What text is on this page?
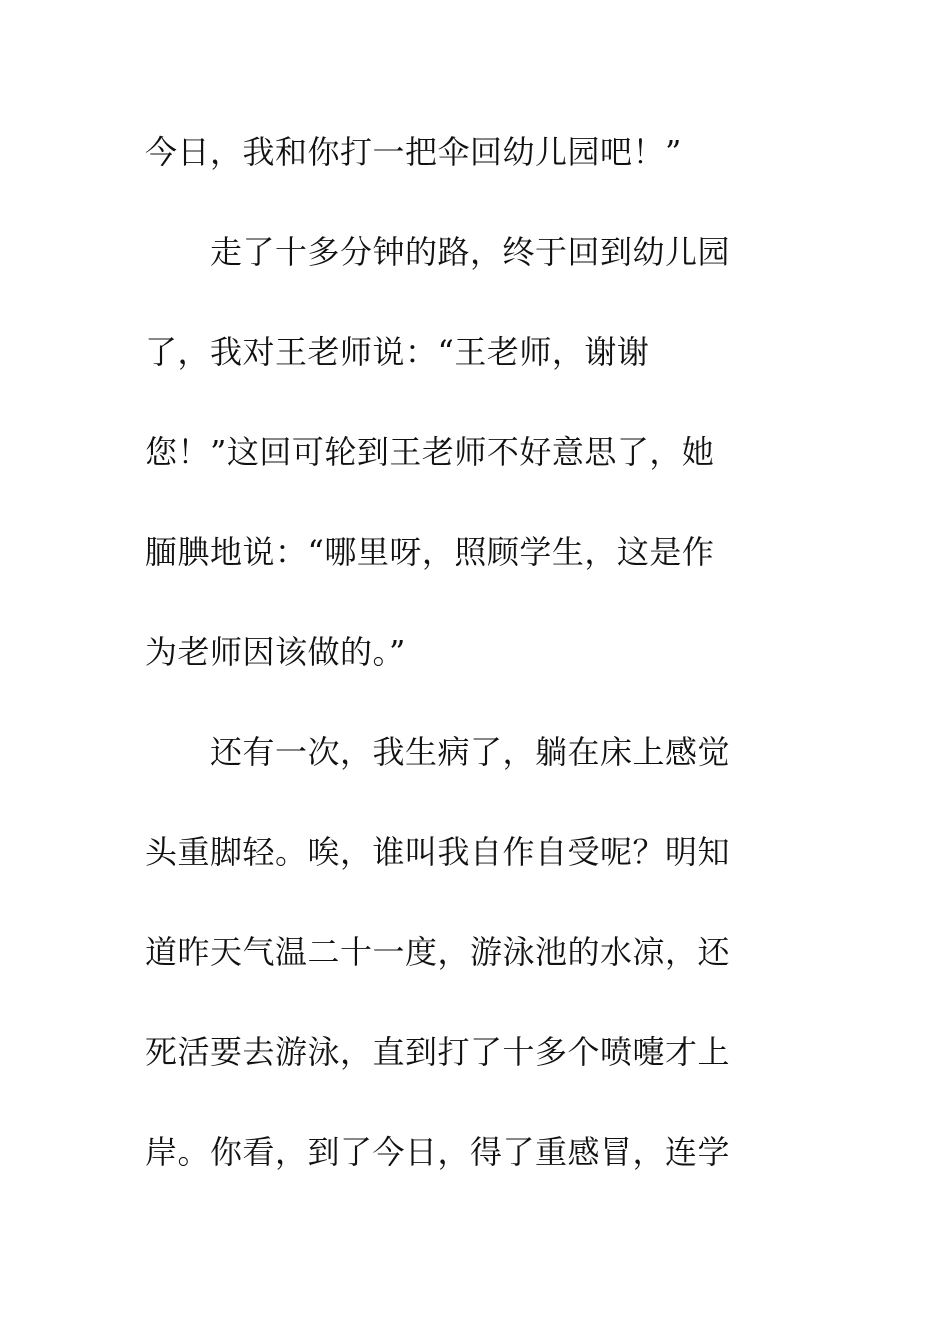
今日，我和你打一把伞回幼儿园吧！”
　　走了十多分钟的路，终于回到幼儿园
了，我对王老师说：“王老师，谢谢
您！”这回可轮到王老师不好意思了，她
腼腆地说：“哪里呀，照顾学生，这是作
为老师因该做的。”
　　还有一次，我生病了，躺在床上感觉
头重脚轻。唉，谁叫我自作自受呢？明知
道昨天气温二十一度，游泳池的水凉，还
死活要去游泳，直到打了十多个喷嚏才上
岸。你看，到了今日，得了重感冒，连学
